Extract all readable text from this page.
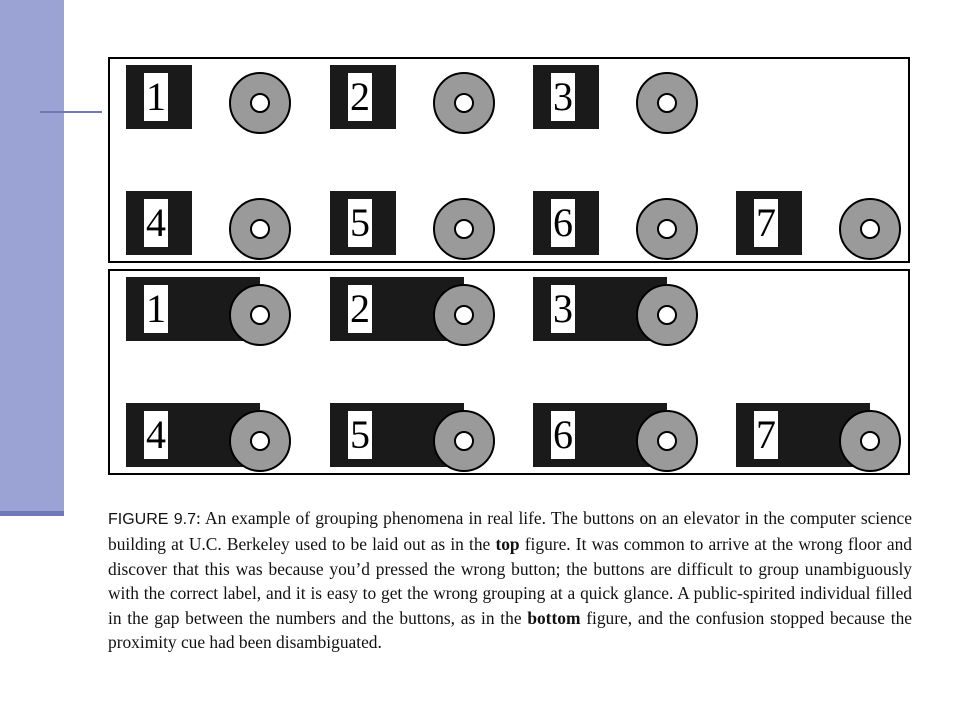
1	2	3
4	5	6	7
1	2	3
4	5	6	7
FIGURE 9.7: An example of grouping phenomena in real life. The buttons on an elevator in the computer science building at U.C. Berkeley used to be laid out as in the top figure. It was common to arrive at the wrong floor and discover that this was because you’d pressed the wrong button; the buttons are difficult to group unambiguously with the correct label, and it is easy to get the wrong grouping at a quick glance. A public-spirited individual filled in the gap between the numbers and the buttons, as in the bottom figure, and the confusion stopped because the proximity cue had been disambiguated.
